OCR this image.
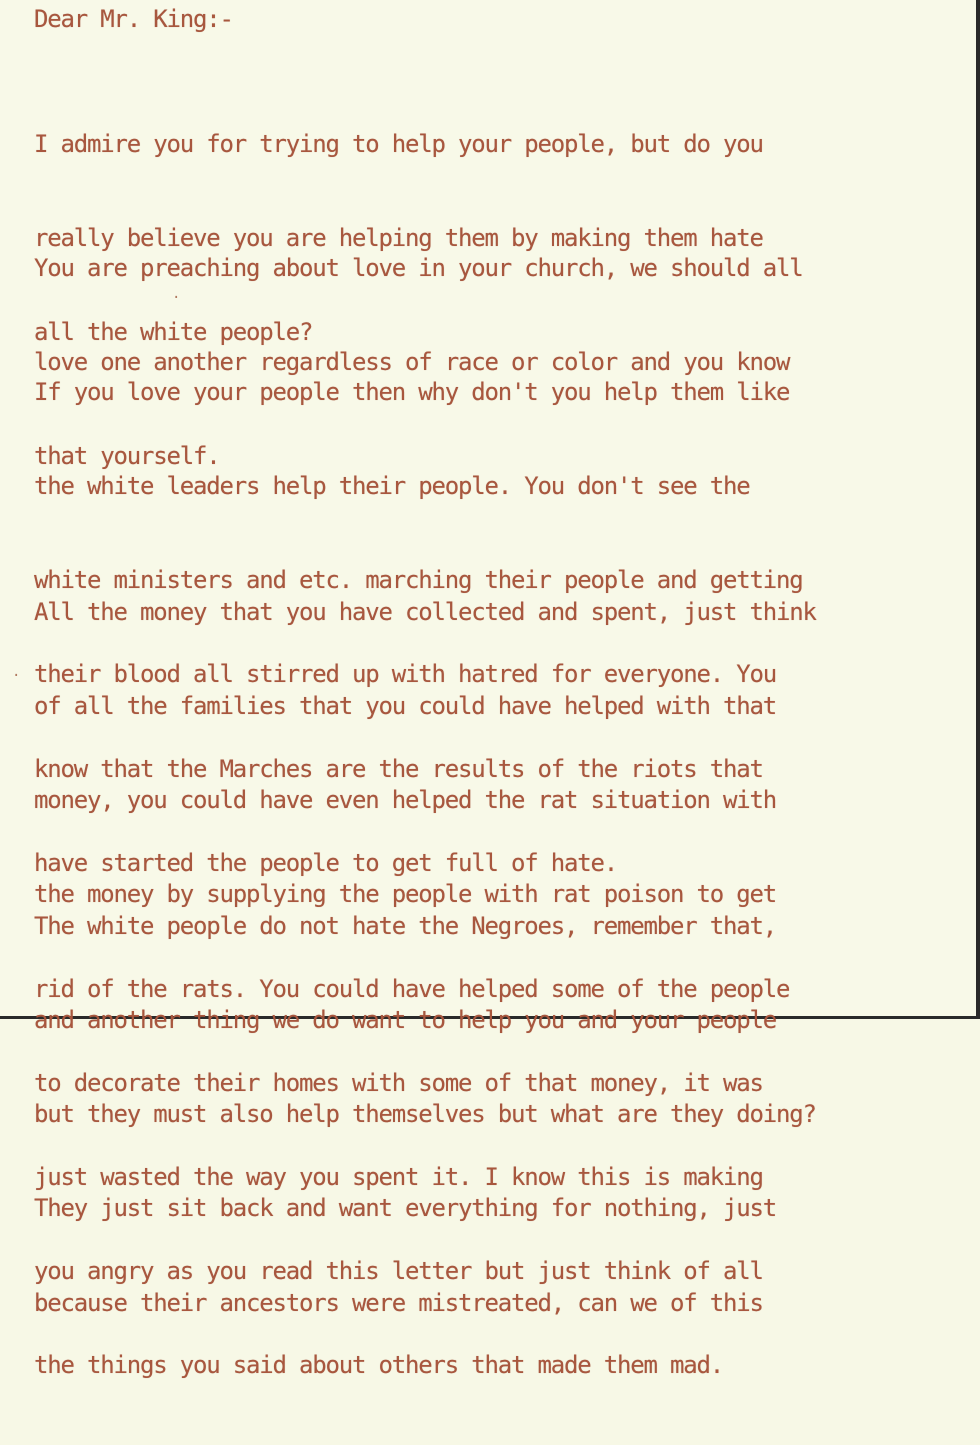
Dear Mr. King:-

I admire you for trying to help your people, but do you

really believe you are helping them by making them hate

all the white people?

You are preaching about love in your church, we should all

love one another regardless of race or color and you know

that yourself.

If you love your people then why don't you help them like

the white leaders help their people. You don't see the

white ministers and etc. marching their people and getting

their blood all stirred up with hatred for everyone. You

know that the Marches are the results of the riots that

have started the people to get full of hate.

All the money that you have collected and spent, just think

of all the families that you could have helped with that

money, you could have even helped the rat situation with

the money by supplying the people with rat poison to get

rid of the rats. You could have helped some of the people

to decorate their homes with some of that money, it was

just wasted the way you spent it. I know this is making

you angry as you read this letter but just think of all

the things you said about others that made them mad.

The white people do not hate the Negroes, remember that,

and another thing we do want to help you and your people

but they must also help themselves but what are they doing?

They just sit back and want everything for nothing, just

because their ancestors were mistreated, can we of this

·
·
